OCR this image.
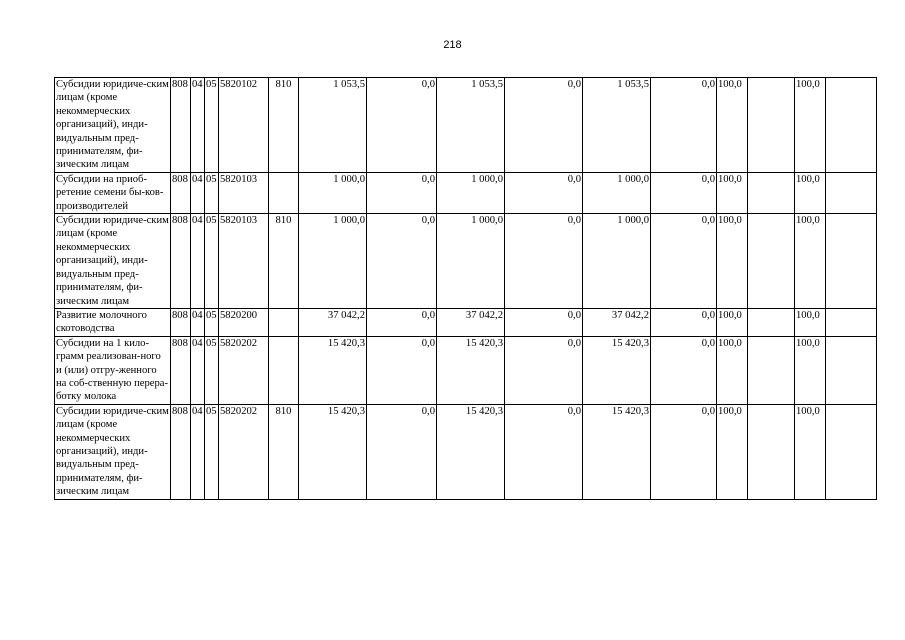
218
Субсидии юридиче-ским лицам (кроме некоммерческих организаций), инди-видуальным пред-принимателям, фи-зическим лицам	808	04	05	5820102	810	1 053,5	0,0	1 053,5	0,0	1 053,5	0,0	100,0		100,0	
Субсидии на приоб-ретение семени бы-ков-производителей	808	04	05	5820103		1 000,0	0,0	1 000,0	0,0	1 000,0	0,0	100,0		100,0	
Субсидии юридиче-ским лицам (кроме некоммерческих организаций), инди-видуальным пред-принимателям, фи-зическим лицам	808	04	05	5820103	810	1 000,0	0,0	1 000,0	0,0	1 000,0	0,0	100,0		100,0	
Развитие молочного скотоводства	808	04	05	5820200		37 042,2	0,0	37 042,2	0,0	37 042,2	0,0	100,0		100,0	
Субсидии на 1 кило-грамм реализован-ного и (или) отгру-женного на соб-ственную перера-ботку молока	808	04	05	5820202		15 420,3	0,0	15 420,3	0,0	15 420,3	0,0	100,0		100,0	
Субсидии юридиче-ским лицам (кроме некоммерческих организаций), инди-видуальным пред-принимателям, фи-зическим лицам	808	04	05	5820202	810	15 420,3	0,0	15 420,3	0,0	15 420,3	0,0	100,0		100,0	
